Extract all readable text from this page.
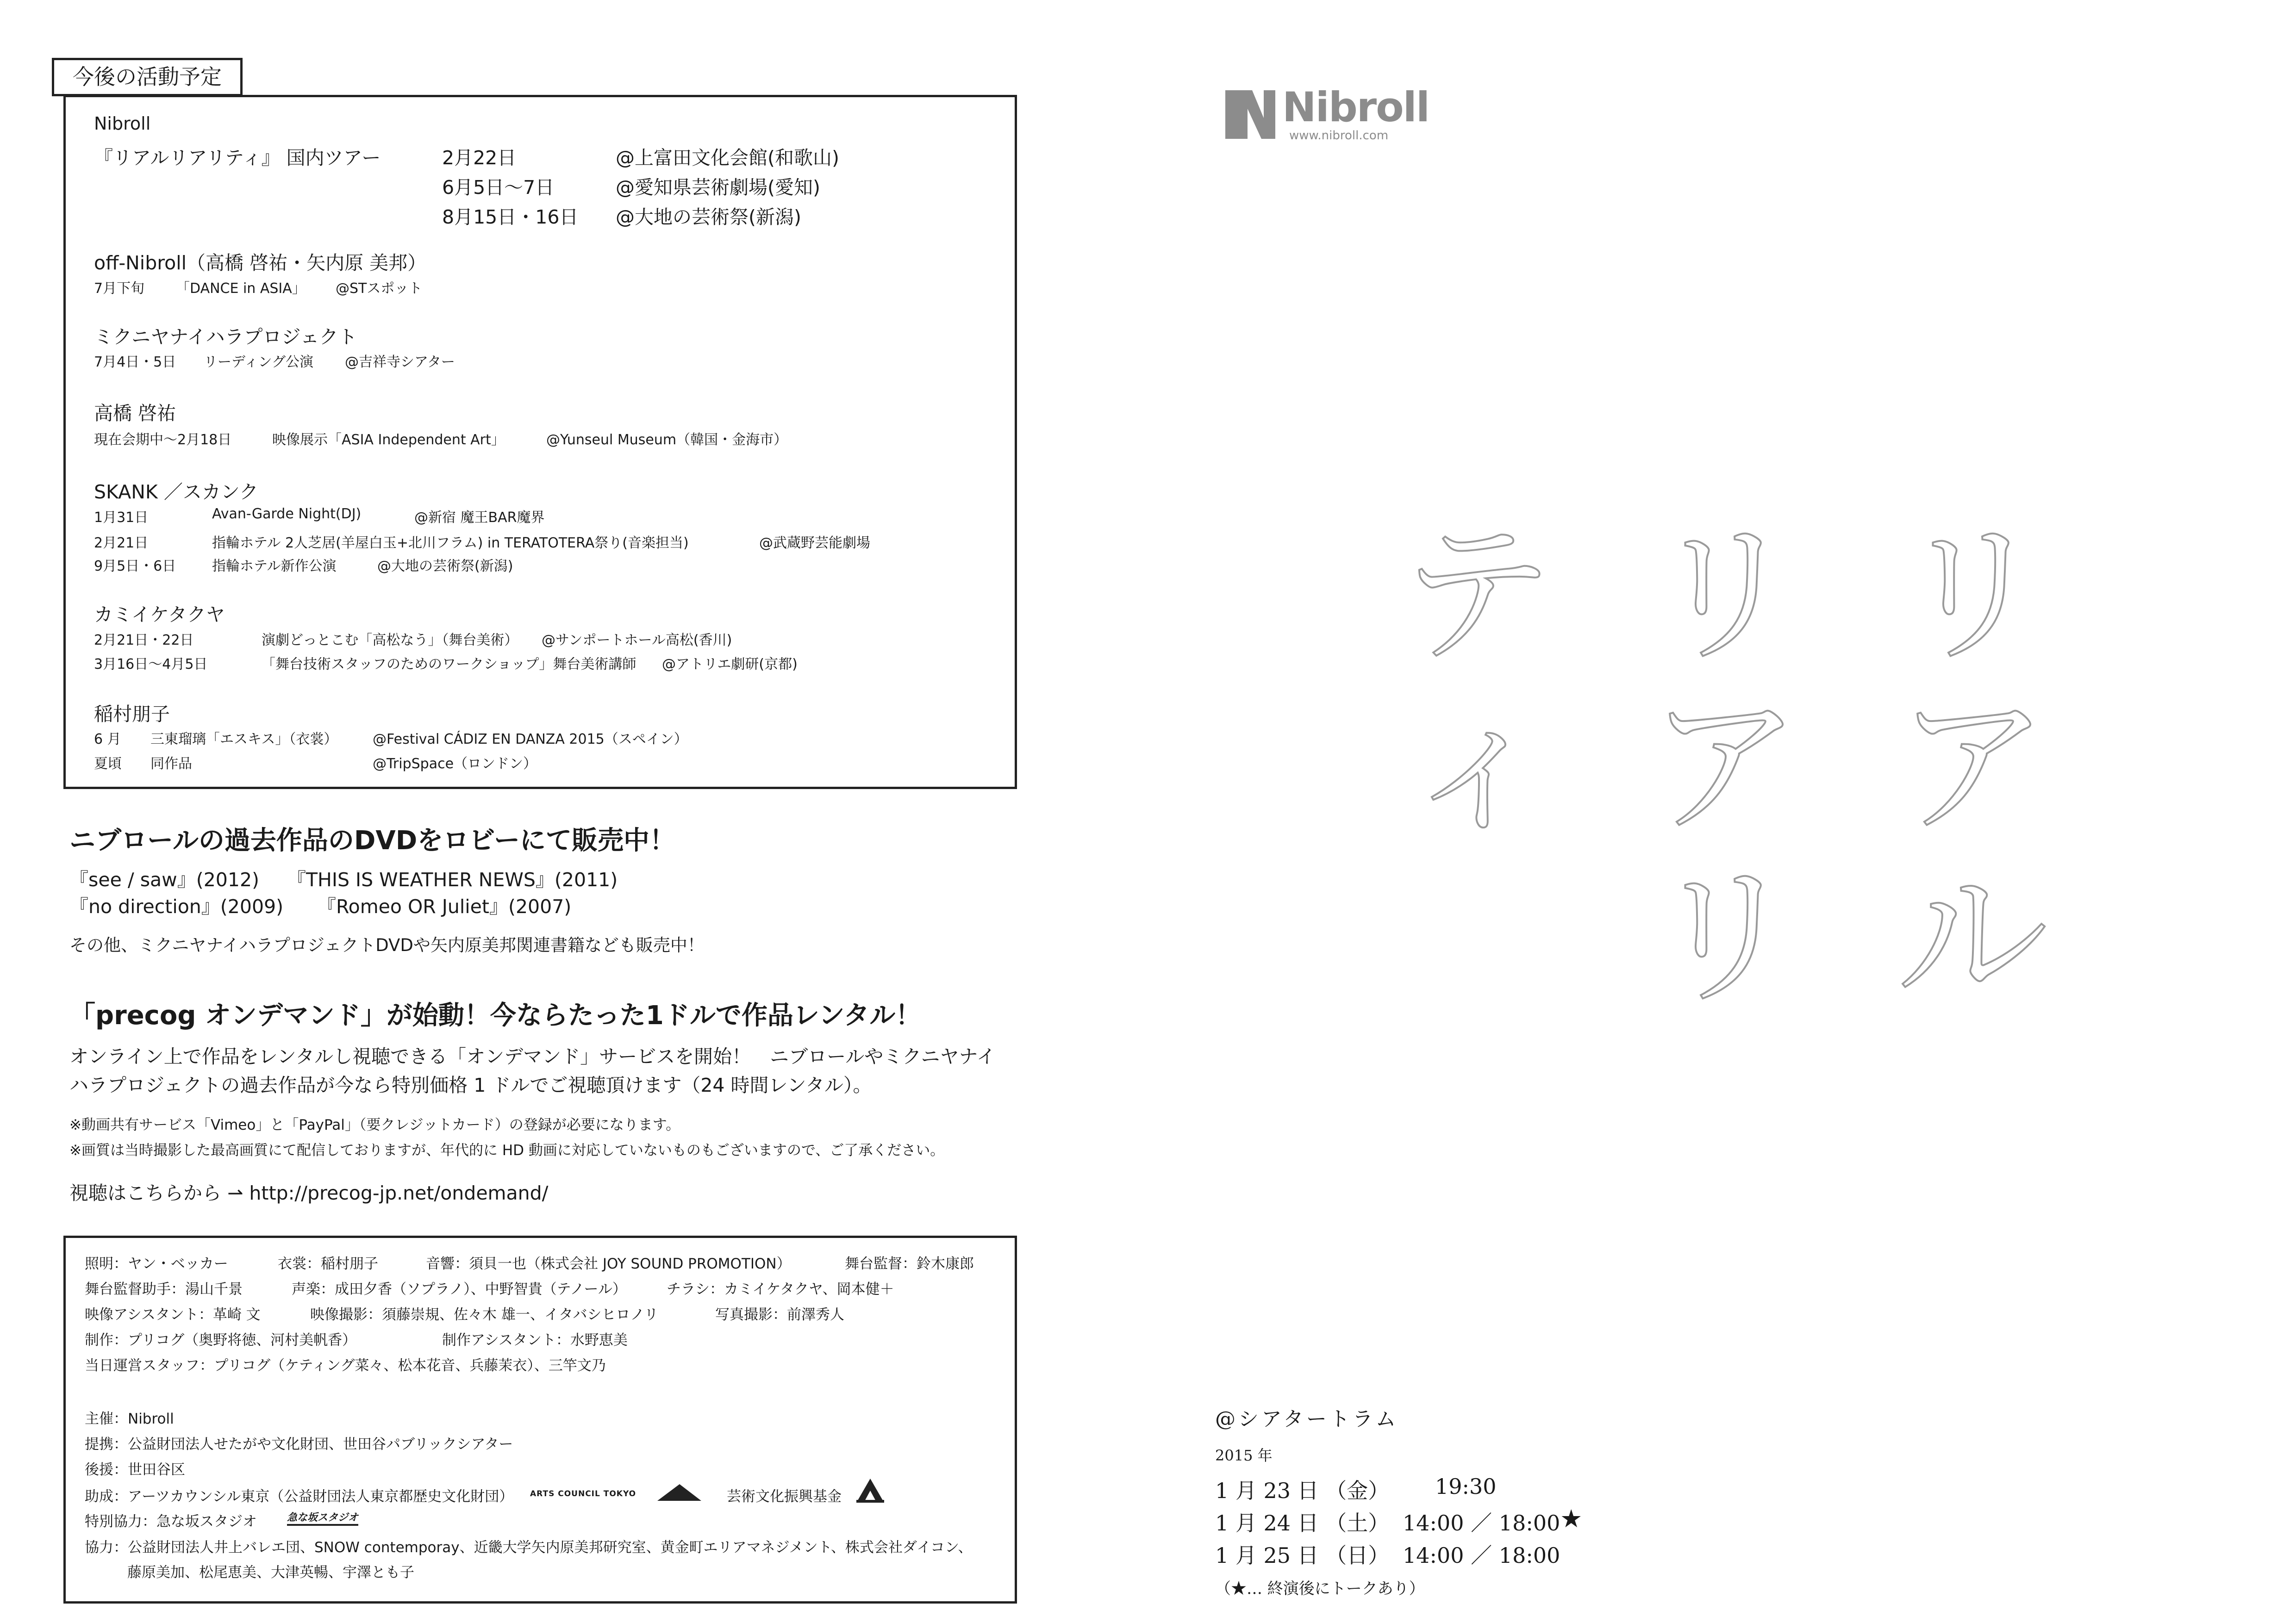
今後の活動予定
Nibroll
『リアルリアリティ』 国内ツアー	2月22日	@上富田文化会館(和歌山)
6月5日〜7日	@愛知県芸術劇場(愛知)
8月15日・16日 @大地の芸術祭(新潟)
off-Nibroll（高橋 啓祐・矢内原 美邦）
7月下旬 「DANCE in ASIA」 @STスポット
ミクニヤナイハラプロジェクト
7月4日・5日 リーディング公演 @吉祥寺シアター
高橋 啓祐
現在会期中〜2月18日	映像展示「ASIA Independent Art」	@Yunseul Museum（韓国・金海市）
SKANK ／スカンク
1月31日	Avan-Garde Night(DJ)	@新宿 魔王BAR魔界
2月21日	指輪ホテル 2人芝居(羊屋白玉+北川フラム) in TERATOTERA祭り(音楽担当)	@武蔵野芸能劇場
9月5日・6日	指輪ホテル新作公演	@大地の芸術祭(新潟)
カミイケタクヤ
2月21日・22日	演劇どっとこむ「高松なう」（舞台美術） @サンポートホール高松(香川)
3月16日〜4月5日	「舞台技術スタッフのためのワークショップ」舞台美術講師 @アトリエ劇研(京都)
稲村朋子
6 月 三東瑠璃「エスキス」（衣裳）	@Festival CÁDIZ EN DANZA 2015（スペイン）
夏頃 同作品	@TripSpace（ロンドン）
ニブロールの過去作品のDVDをロビーにて販売中！
『see / saw』(2012) 『THIS IS WEATHER NEWS』(2011)
『no direction』(2009) 『Romeo OR Juliet』(2007)
その他、ミクニヤナイハラプロジェクトDVDや矢内原美邦関連書籍なども販売中！
「precog オンデマンド」が始動！今ならたった1ドルで作品レンタル！
オンライン上で作品をレンタルし視聴できる「オンデマンド」サービスを開始！　ニブロールやミクニヤナイ
ハラプロジェクトの過去作品が今なら特別価格 1 ドルでご視聴頂けます（24 時間レンタル）。
※動画共有サービス「Vimeo」と「PayPal」（要クレジットカード）の登録が必要になります。
※画質は当時撮影した最高画質にて配信しておりますが、年代的に HD 動画に対応していないものもございますので、ご了承ください。
視聴はこちらから ⇀ http://precog-jp.net/ondemand/
照明：ヤン・ベッカー	衣裳：稲村朋子	音響：須貝一也（株式会社 JOY SOUND PROMOTION）	舞台監督：鈴木康郎
舞台監督助手：湯山千景	声楽：成田夕香（ソプラノ）、中野智貴（テノール）	チラシ：カミイケタクヤ、岡本健＋
映像アシスタント：革崎 文	映像撮影：須藤崇規、佐々木 雄一、イタバシヒロノリ	写真撮影：前澤秀人
制作：プリコグ（奥野将徳、河村美帆香）	制作アシスタント：水野恵美
当日運営スタッフ：プリコグ（ケティング菜々、松本花音、兵藤茉衣）、三竿文乃
主催：Nibroll
提携：公益財団法人せたがや文化財団、世田谷パブリックシアター
後援：世田谷区
助成：アーツカウンシル東京（公益財団法人東京都歴史文化財団） ARTS COUNCIL TOKYO	芸術文化振興基金
特別協力：急な坂スタジオ	急な坂スタジオ
協力：公益財団法人井上バレエ団、SNOW contemporay、近畿大学矢内原美邦研究室、黄金町エリアマネジメント、株式会社ダイコン、
藤原美加、松尾恵美、大津英暢、宇澤とも子
Nibroll
www.nibroll.com
リ
ア
ル
リ
ア
リ
テ
ィ
@シアタートラム
2015 年
1 月 23 日 （金） 19:30
1 月 24 日 （土） 14:00 ／ 18:00 ★
1 月 25 日 （日） 14:00 ／ 18:00
（★… 終演後にトークあり）
